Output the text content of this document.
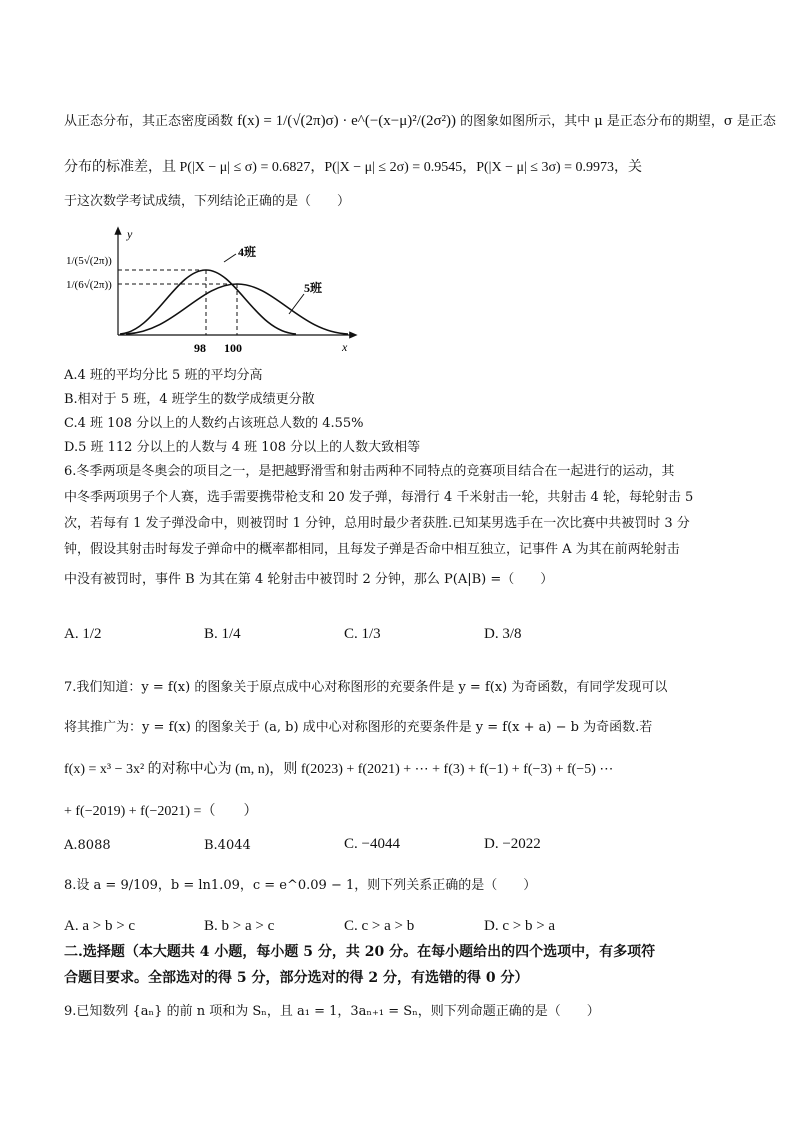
从正态分布，其正态密度函数 f(x) = 1/(√(2π)σ) · e^(−(x−μ)²/(2σ²)) 的图象如图所示，其中 μ 是正态分布的期望，σ 是正态
分布的标准差，且 P(|X − μ| ≤ σ) = 0.6827，P(|X − μ| ≤ 2σ) = 0.9545，P(|X − μ| ≤ 3σ) = 0.9973，关
于这次数学考试成绩，下列结论正确的是（　　）
y
x
1/(5√(2π))
1/(6√(2π))
4班
5班
98 100
A.4 班的平均分比 5 班的平均分高
B.相对于 5 班，4 班学生的数学成绩更分散
C.4 班 108 分以上的人数约占该班总人数的 4.55%
D.5 班 112 分以上的人数与 4 班 108 分以上的人数大致相等
6.冬季两项是冬奥会的项目之一，是把越野滑雪和射击两种不同特点的竞赛项目结合在一起进行的运动，其
中冬季两项男子个人赛，选手需要携带枪支和 20 发子弹，每滑行 4 千米射击一轮，共射击 4 轮，每轮射击 5
次，若每有 1 发子弹没命中，则被罚时 1 分钟，总用时最少者获胜.已知某男选手在一次比赛中共被罚时 3 分
钟，假设其射击时每发子弹命中的概率都相同，且每发子弹是否命中相互独立，记事件 A 为其在前两轮射击
中没有被罚时，事件 B 为其在第 4 轮射击中被罚时 2 分钟，那么 P(A|B) =（　　）
A. 1/2	B. 1/4	C. 1/3	D. 3/8
7.我们知道：y = f(x) 的图象关于原点成中心对称图形的充要条件是 y = f(x) 为奇函数，有同学发现可以
将其推广为：y = f(x) 的图象关于 (a, b) 成中心对称图形的充要条件是 y = f(x + a) − b 为奇函数.若
f(x) = x³ − 3x² 的对称中心为 (m, n)，则 f(2023) + f(2021) + ⋯ + f(3) + f(−1) + f(−3) + f(−5) ⋯
+ f(−2019) + f(−2021) =（　　）
A.8088	B.4044	C. −4044	D. −2022
8.设 a = 9/109，b = ln1.09，c = e^0.09 − 1，则下列关系正确的是（　　）
A. a > b > c	B. b > a > c	C. c > a > b	D. c > b > a
二.选择题（本大题共 4 小题，每小题 5 分，共 20 分。在每小题给出的四个选项中，有多项符
合题目要求。全部选对的得 5 分，部分选对的得 2 分，有选错的得 0 分）
9.已知数列 {aₙ} 的前 n 项和为 Sₙ，且 a₁ = 1，3aₙ₊₁ = Sₙ，则下列命题正确的是（　　）
